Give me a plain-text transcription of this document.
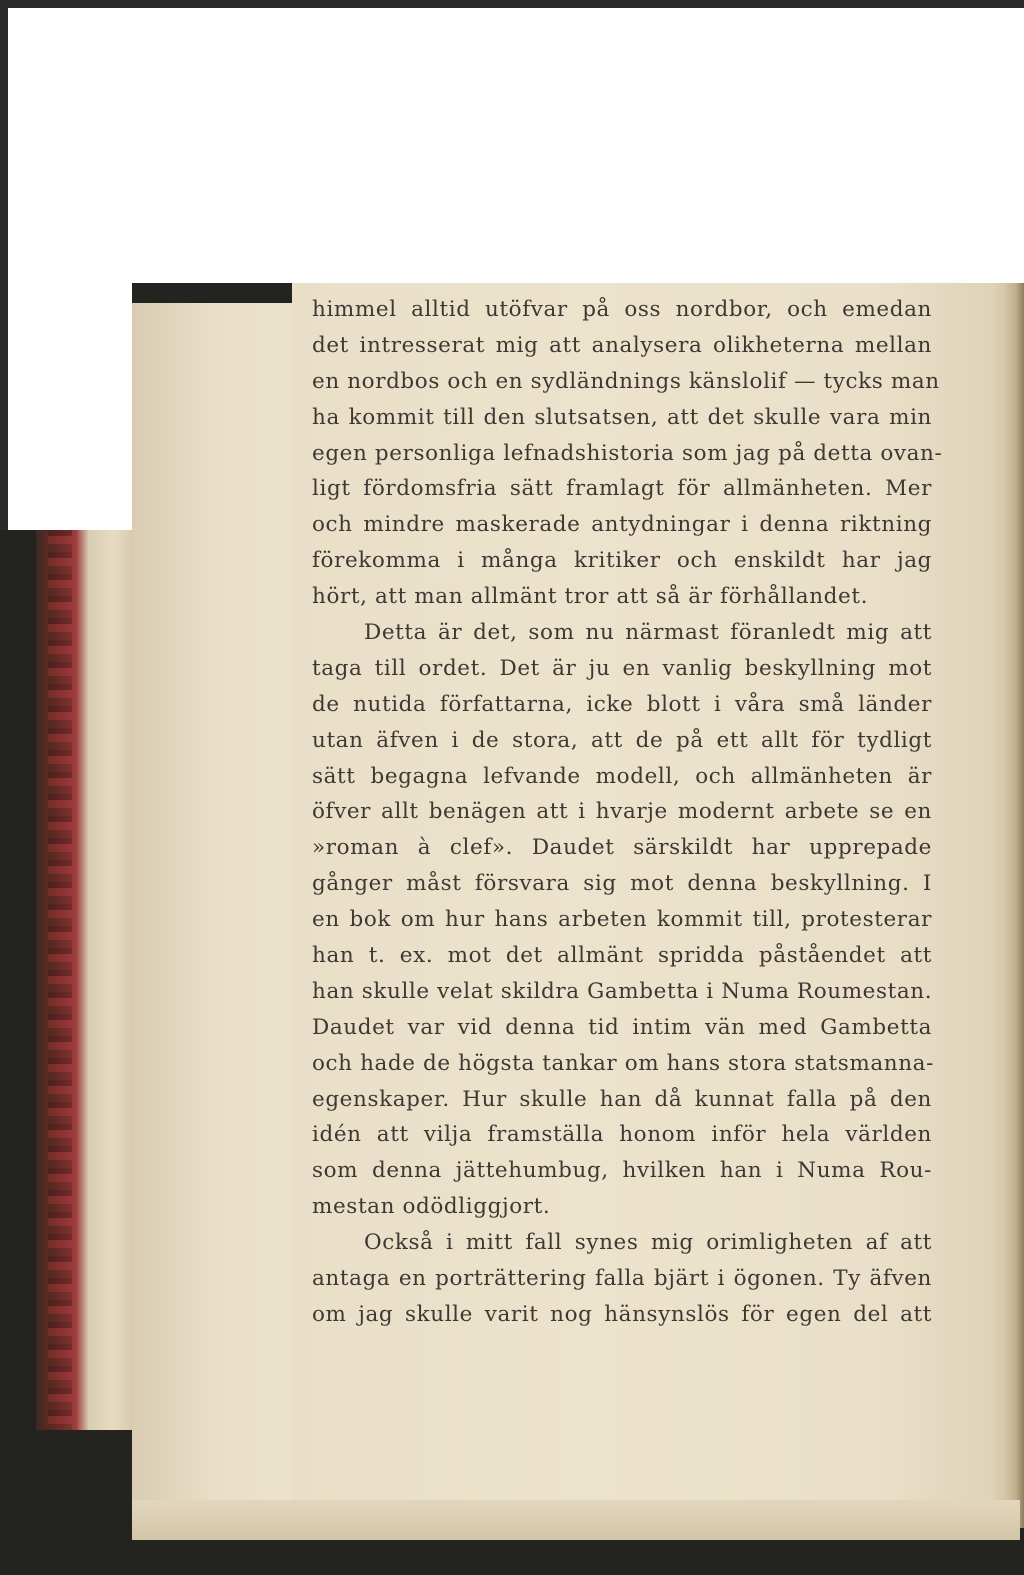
himmel alltid utöfvar på oss nordbor, och emedan
det intresserat mig att analysera olikheterna mellan
en nordbos och en sydländnings känslolif — tycks man
ha kommit till den slutsatsen, att det skulle vara min
egen personliga lefnadshistoria som jag på detta ovan-
ligt fördomsfria sätt framlagt för allmänheten. Mer
och mindre maskerade antydningar i denna riktning
förekomma i många kritiker och enskildt har jag
hört, att man allmänt tror att så är förhållandet.
Detta är det, som nu närmast föranledt mig att
taga till ordet. Det är ju en vanlig beskyllning mot
de nutida författarna, icke blott i våra små länder
utan äfven i de stora, att de på ett allt för tydligt
sätt begagna lefvande modell, och allmänheten är
öfver allt benägen att i hvarje modernt arbete se en
»roman à clef». Daudet särskildt har upprepade
gånger måst försvara sig mot denna beskyllning. I
en bok om hur hans arbeten kommit till, protesterar
han t. ex. mot det allmänt spridda påståendet att
han skulle velat skildra Gambetta i Numa Roumestan.
Daudet var vid denna tid intim vän med Gambetta
och hade de högsta tankar om hans stora statsmanna-
egenskaper. Hur skulle han då kunnat falla på den
idén att vilja framställa honom inför hela världen
som denna jättehumbug, hvilken han i Numa Rou-
mestan odödliggjort.
Också i mitt fall synes mig orimligheten af att
antaga en porträttering falla bjärt i ögonen. Ty äfven
om jag skulle varit nog hänsynslös för egen del att
